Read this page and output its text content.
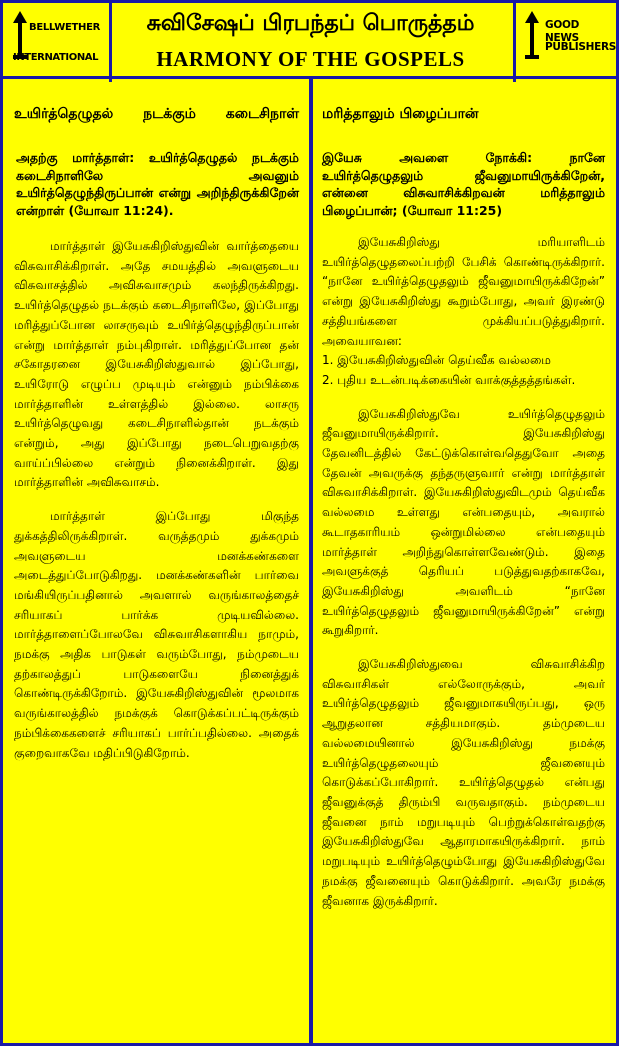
BELLWETHER
INTERNATIONAL
சுவிசேஷப் பிரபந்தப் பொருத்தம்
HARMONY OF THE GOSPELS
GOOD NEWS
PUBLISHERS
உயிர்த்தெழுதல் நடக்கும் கடைசிநாள்
அதற்கு மார்த்தாள்: உயிர்த்தெழுதல் நடக்கும் கடைசிநாளிலே அவனும் உயிர்த்தெழுந்திருப்பான் என்று அறிந்திருக்கிறேன் என்றாள் (யோவா 11:24).

மார்த்தாள் இயேசுகிறிஸ்துவின் வார்த்தையை விசுவாசிக்கிறாள். அதே சமயத்தில் அவளுடைய விசுவாசத்தில் அவிசுவாசமும் கலந்திருக்கிறது. உயிர்த்தெழுதல் நடக்கும் கடைசிநாளிலே, இப்போது மரித்துப்போன லாசருவும் உயிர்த்தெழுந்திருப்பான் என்று மார்த்தாள் நம்புகிறாள். மரித்துப்போன தன் சகோதரனை இயேசுகிறிஸ்துவால் இப்போது, உயிரோடு எழுப்ப முடியும் என்னும் நம்பிக்கை மார்த்தாளின் உள்ளத்தில் இல்லை. லாசரு உயிர்த்தெழுவது கடைசிநாளில்தான் நடக்கும் என்றும், அது இப்போது நடைபெறுவதற்கு வாய்ப்பில்லை என்றும் நினைக்கிறாள். இது மார்த்தாளின் அவிசுவாசம்.

மார்த்தாள் இப்போது மிகுந்த துக்கத்திலிருக்கிறாள். வருத்தமும் துக்கமும் அவளுடைய மனக்கண்களை அடைத்துப்போடுகிறது. மனக்கண்களின் பார்வை மங்கியிருப்பதினால் அவளால் வருங்காலத்தைச் சரியாகப் பார்க்க முடியவில்லை. மார்த்தாளைப்போலவே விசுவாசிகளாகிய நாமும், நமக்கு அதிக பாடுகள் வரும்போது, நம்முடைய தற்காலத்துப் பாடுகளையே நினைத்துக் கொண்டிருக்கிறோம். இயேசுகிறிஸ்துவின் மூலமாக வருங்காலத்தில் நமக்குக் கொடுக்கப்பட்டிருக்கும் நம்பிக்கைகளைச் சரியாகப் பார்ப்பதில்லை. அதைக் குறைவாகவே மதிப்பிடுகிறோம்.

மரித்தாலும் பிழைப்பான்
இயேசு அவளை நோக்கி: நானே உயிர்த்தெழுதலும் ஜீவனுமாயிருக்கிறேன், என்னை விசுவாசிக்கிறவன் மரித்தாலும் பிழைப்பான்; (யோவா 11:25)

இயேசுகிறிஸ்து மரியாளிடம் உயிர்த்தெழுதலைப்பற்றி பேசிக் கொண்டிருக்கிறார். “நானே உயிர்த்தெழுதலும் ஜீவனுமாயிருக்கிறேன்” என்று இயேசுகிறிஸ்து கூறும்போது, அவர் இரண்டு சத்தியங்களை முக்கியப்படுத்துகிறார். அவையாவன:

1. இயேசுகிறிஸ்துவின் தெய்வீக வல்லமை

2. புதிய உடன்படிக்கையின் வாக்குத்தத்தங்கள்.

இயேசுகிறிஸ்துவே உயிர்த்தெழுதலும் ஜீவனுமாயிருக்கிறார். இயேசுகிறிஸ்து தேவனிடத்தில் கேட்டுக்கொள்வதெதுவோ அதை தேவன் அவருக்கு தந்தருளுவார் என்று மார்த்தாள் விசுவாசிக்கிறாள். இயேசுகிறிஸ்துவிடமும் தெய்வீக வல்லமை உள்ளது என்பதையும், அவரால் கூடாதகாரியம் ஒன்றுமில்லை என்பதையும் மார்த்தாள் அறிந்துகொள்ளவேண்டும். இதை அவளுக்குத் தெரியப் படுத்துவதற்காகவே, இயேசுகிறிஸ்து அவளிடம் “நானே உயிர்த்தெழுதலும் ஜீவனுமாயிருக்கிறேன்” என்று கூறுகிறார்.

இயேசுகிறிஸ்துவை விசுவாசிக்கிற விசுவாசிகள் எல்லோருக்கும், அவர் உயிர்த்தெழுதலும் ஜீவனுமாகயிருப்பது, ஒரு ஆறுதலான சத்தியமாகும். தம்முடைய வல்லமையினால் இயேசுகிறிஸ்து நமக்கு உயிர்த்தெழுதலையும் ஜீவனையும் கொடுக்கப்போகிறார். உயிர்த்தெழுதல் என்பது ஜீவனுக்குத் திரும்பி வருவதாகும். நம்முடைய ஜீவனை நாம் மறுபடியும் பெற்றுக்கொள்வதற்கு இயேசுகிறிஸ்துவே ஆதாரமாகயிருக்கிறார். நாம் மறுபடியும் உயிர்த்தெழும்போது இயேசுகிறிஸ்துவே நமக்கு ஜீவனையும் கொடுக்கிறார். அவரே நமக்கு ஜீவனாக இருக்கிறார்.
